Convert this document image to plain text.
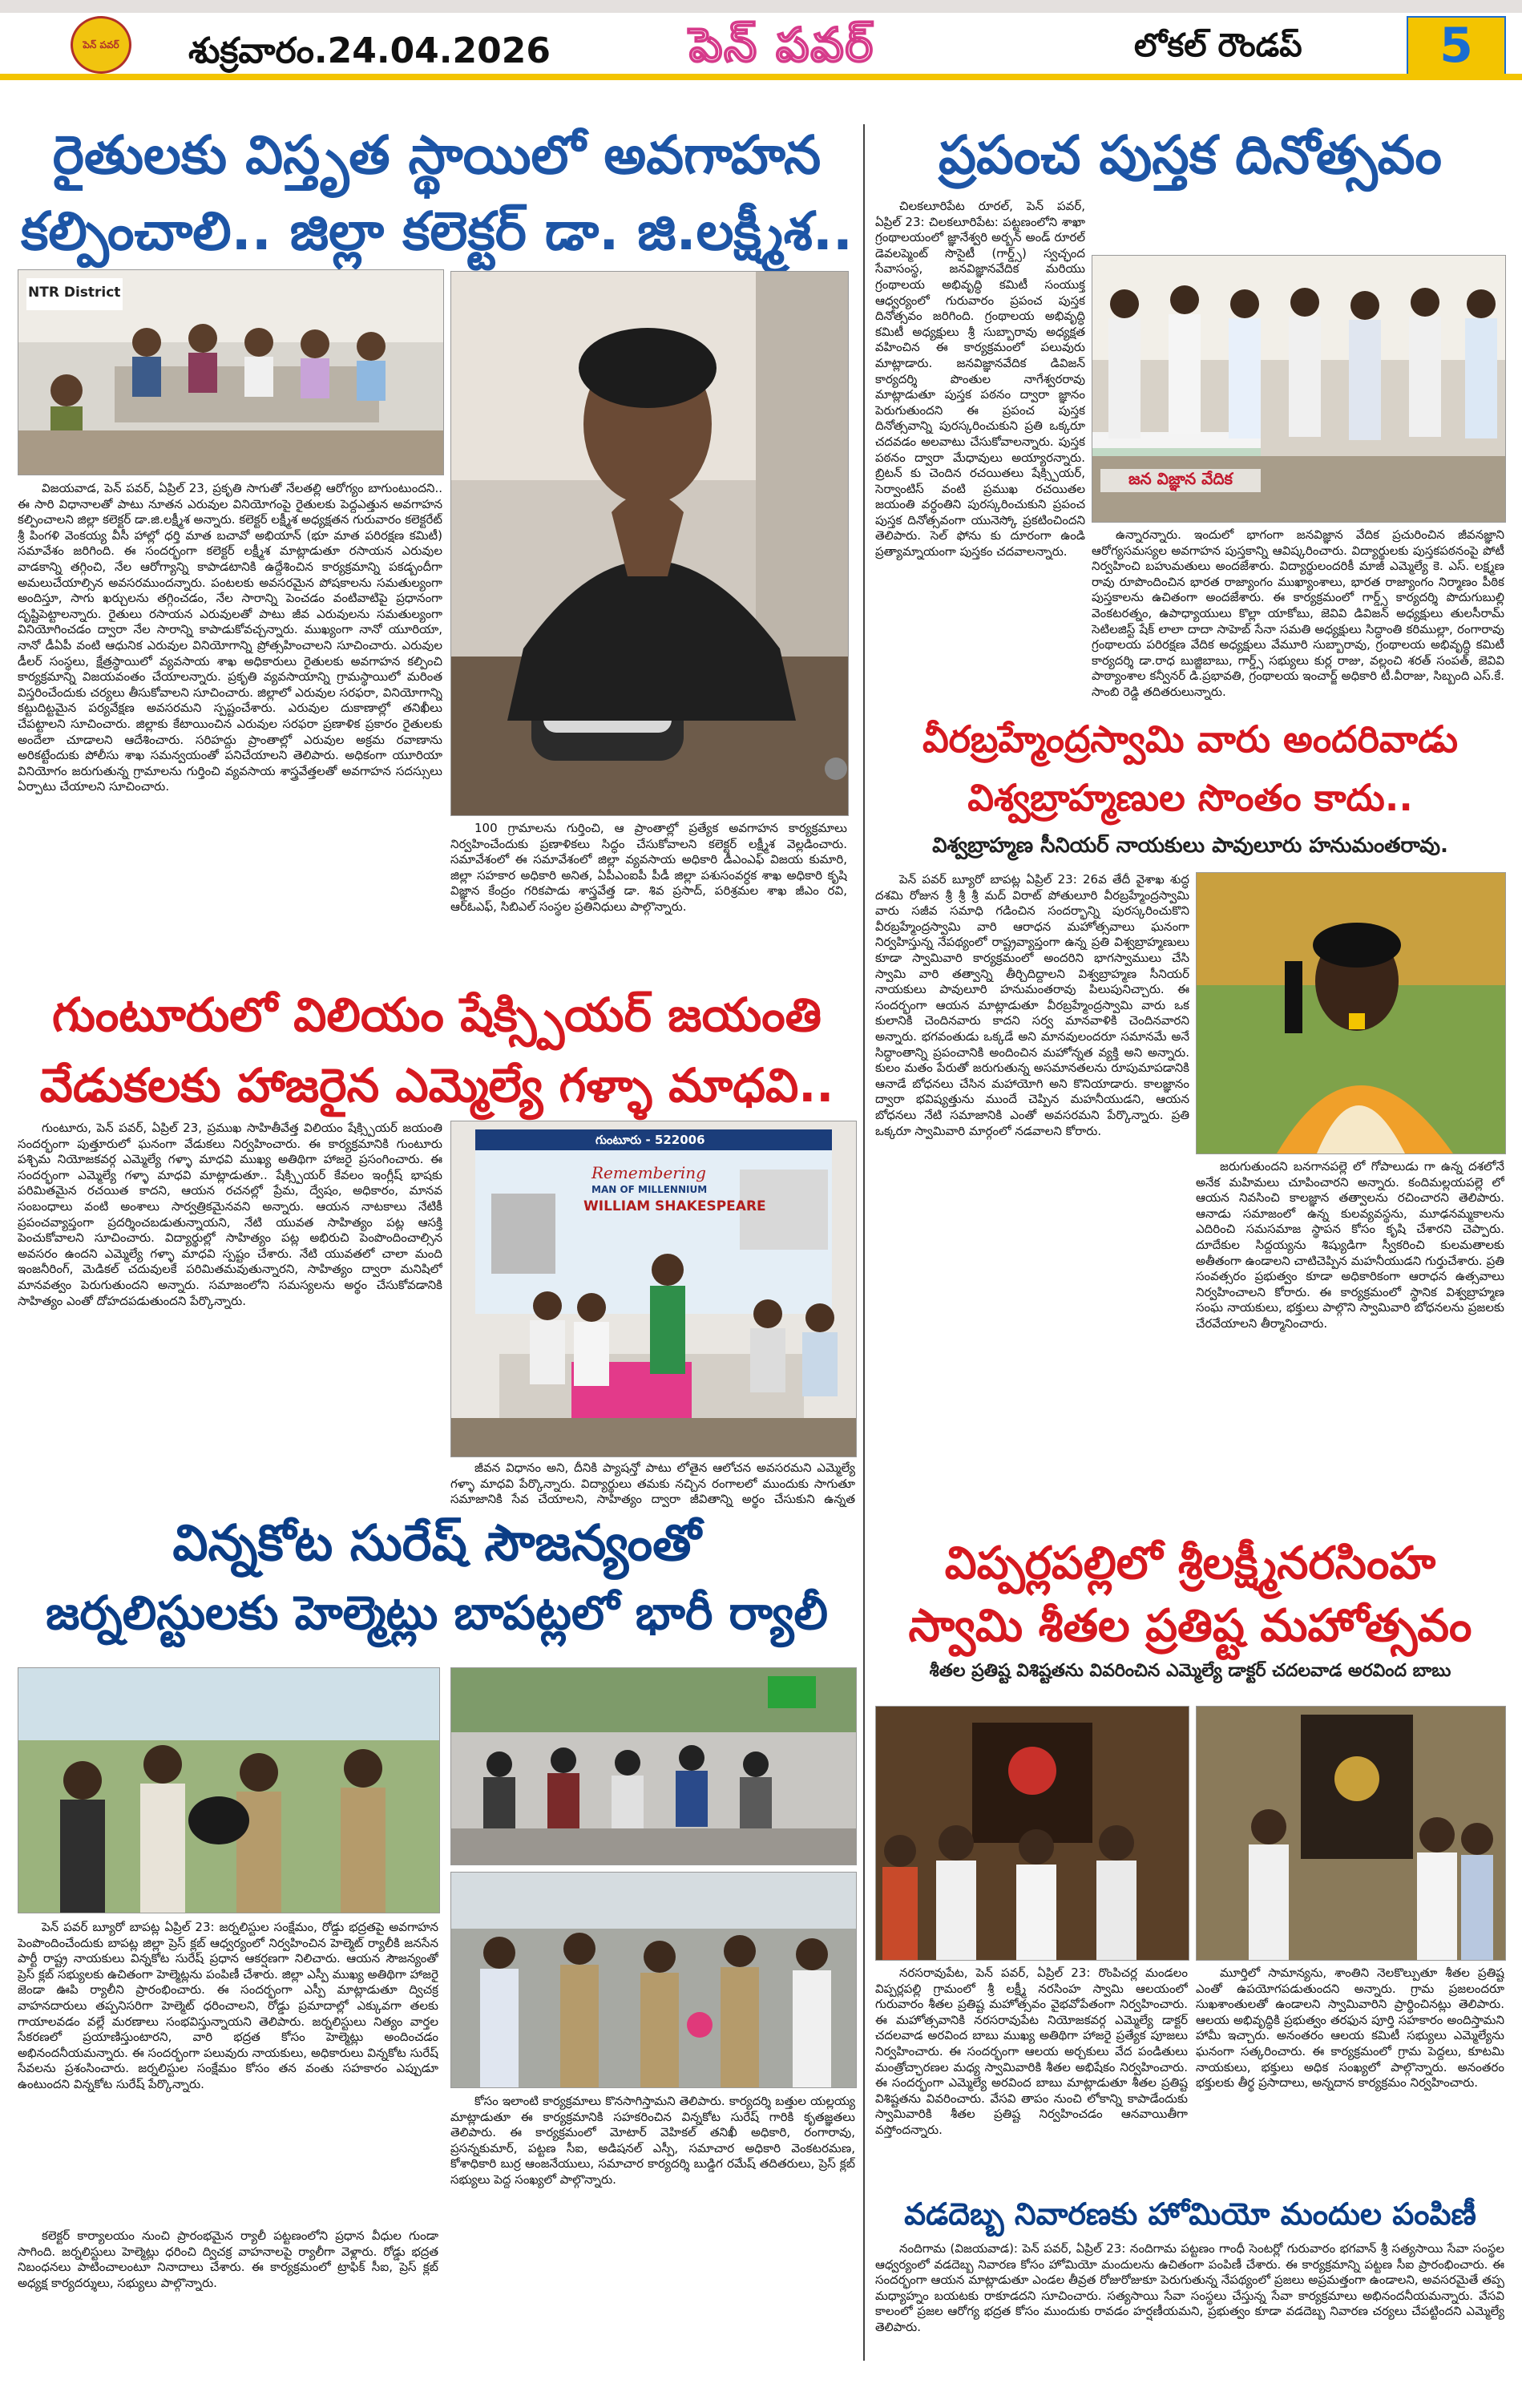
పెన్ పవర్ శుక్రవారం.24.04.2026	పెన్ పవర్	లోకల్ రౌండప్	5
రైతులకు విస్తృత స్థాయిలో అవగాహన
కల్పించాలి.. జిల్లా కలెక్టర్ డా. జి.లక్ష్మీశ..
NTR District

విజయవాడ, పెన్ పవర్, ఏప్రిల్ 23, ప్రకృతి సాగుతో నేలతల్లి ఆరోగ్యం బాగుంటుందని.. ఈ సారి విధానాలతో పాటు నూతన ఎరువుల వినియోగంపై రైతులకు పెద్దఎత్తున అవగాహన కల్పించాలని జిల్లా కలెక్టర్ డా.జి.లక్ష్మీశ అన్నారు. కలెక్టర్ లక్ష్మీశ అధ్యక్షతన గురువారం కలెక్టరేట్ శ్రీ పింగళి వెంకయ్య వీసీ హాల్లో ధర్తి మాత బచావో అభియాన్ (భూ మాత పరిరక్షణ కమిటీ) సమావేశం జరిగింది. ఈ సందర్భంగా కలెక్టర్ లక్ష్మీశ మాట్లాడుతూ రసాయన ఎరువుల వాడకాన్ని తగ్గించి, నేల ఆరోగ్యాన్ని కాపాడటానికి ఉద్దేశించిన కార్యక్రమాన్ని పకడ్బందీగా అమలుచేయాల్సిన అవసరముందన్నారు. పంటలకు అవసరమైన పోషకాలను సమతుల్యంగా అందిస్తూ, సాగు ఖర్చులను తగ్గించడం, నేల సారాన్ని పెంచడం వంటివాటిపై ప్రధానంగా దృష్టిపెట్టాలన్నారు. రైతులు రసాయన ఎరువులతో పాటు జీవ ఎరువులను సమతుల్యంగా వినియోగించడం ద్వారా నేల సారాన్ని కాపాడుకోవచ్చన్నారు. ముఖ్యంగా నానో యూరియా, నానో డీఏపీ వంటి ఆధునిక ఎరువుల వినియోగాన్ని ప్రోత్సహించాలని సూచించారు. ఎరువుల డీలర్ సంస్థలు, క్షేత్రస్థాయిలో వ్యవసాయ శాఖ అధికారులు రైతులకు అవగాహన కల్పించి కార్యక్రమాన్ని విజయవంతం చేయాలన్నారు. ప్రకృతి వ్యవసాయాన్ని గ్రామస్థాయిలో మరింత విస్తరించేందుకు చర్యలు తీసుకోవాలని సూచించారు. జిల్లాలో ఎరువుల సరఫరా, వినియోగాన్ని కట్టుదిట్టమైన పర్యవేక్షణ అవసరమని స్పష్టంచేశారు. ఎరువుల దుకాణాల్లో తనిఖీలు చేపట్టాలని సూచించారు. జిల్లాకు కేటాయించిన ఎరువుల సరఫరా ప్రణాళిక ప్రకారం రైతులకు అందేలా చూడాలని ఆదేశించారు. సరిహద్దు ప్రాంతాల్లో ఎరువుల అక్రమ రవాణాను అరికట్టేందుకు పోలీసు శాఖ సమన్వయంతో పనిచేయాలని తెలిపారు. అధికంగా యూరియా వినియోగం జరుగుతున్న గ్రామాలను గుర్తించి వ్యవసాయ శాస్త్రవేత్తలతో అవగాహన సదస్సులు ఏర్పాటు చేయాలని సూచించారు.

100 గ్రామాలను గుర్తించి, ఆ ప్రాంతాల్లో ప్రత్యేక అవగాహన కార్యక్రమాలు నిర్వహించేందుకు ప్రణాళికలు సిద్ధం చేసుకోవాలని కలెక్టర్ లక్ష్మీశ వెల్లడించారు. సమావేశంలో ఈ సమావేశంలో జిల్లా వ్యవసాయ అధికారి డీఎంఎఫ్ విజయ కుమారి, జిల్లా సహకార అధికారి అనిత, ఏపీఎంఐపీ పీడీ జిల్లా పశుసంవర్ధక శాఖ అధికారి కృషి విజ్ఞాన కేంద్రం గరికపాడు శాస్త్రవేత్త డా. శివ ప్రసాద్, పరిశ్రమల శాఖ జీఎం రవి, ఆర్ఓఎఫ్, సిబిఎల్ సంస్థల ప్రతినిధులు పాల్గొన్నారు.

గుంటూరులో విలియం షేక్స్పియర్ జయంతి
వేడుకలకు హాజరైన ఎమ్మెల్యే గళ్ళా మాధవి..

గుంటూరు, పెన్ పవర్, ఏప్రిల్ 23, ప్రముఖ సాహితీవేత్త విలియం షేక్స్పియర్ జయంతి సందర్భంగా పుత్తూరులో ఘనంగా వేడుకలు నిర్వహించారు. ఈ కార్యక్రమానికి గుంటూరు పశ్చిమ నియోజకవర్గ ఎమ్మెల్యే గళ్ళా మాధవి ముఖ్య అతిథిగా హాజరై ప్రసంగించారు. ఈ సందర్భంగా ఎమ్మెల్యే గళ్ళా మాధవి మాట్లాడుతూ.. షేక్స్పియర్ కేవలం ఇంగ్లీష్ భాషకు పరిమితమైన రచయిత కాదని, ఆయన రచనల్లో ప్రేమ, ద్వేషం, అధికారం, మానవ సంబంధాలు వంటి అంశాలు సార్వత్రికమైనవని అన్నారు. ఆయన నాటకాలు నేటికీ ప్రపంచవ్యాప్తంగా ప్రదర్శించబడుతున్నాయని, నేటి యువత సాహిత్యం పట్ల ఆసక్తి పెంచుకోవాలని సూచించారు. విద్యార్థుల్లో సాహిత్యం పట్ల అభిరుచి పెంపొందించాల్సిన అవసరం ఉందని ఎమ్మెల్యే గళ్ళా మాధవి స్పష్టం చేశారు. నేటి యువతలో చాలా మంది ఇంజనీరింగ్, మెడికల్ చదువులకే పరిమితమవుతున్నారని, సాహిత్యం ద్వారా మనిషిలో మానవత్వం పెరుగుతుందని అన్నారు. సమాజంలోని సమస్యలను అర్థం చేసుకోవడానికి సాహిత్యం ఎంతో దోహదపడుతుందని పేర్కొన్నారు.

గుంటూరు - 522006
Remembering
MAN OF MILLENNIUM
WILLIAM SHAKESPEARE

జీవన విధానం అని, దీనికి ప్యాషన్తో పాటు లోతైన ఆలోచన అవసరమని ఎమ్మెల్యే గళ్ళా మాధవి పేర్కొన్నారు. విద్యార్థులు తమకు నచ్చిన రంగాలలో ముందుకు సాగుతూ సమాజానికి సేవ చేయాలని, సాహిత్యం ద్వారా జీవితాన్ని అర్థం చేసుకుని ఉన్నత

విన్నకోట సురేష్ సౌజన్యంతో
జర్నలిస్టులకు హెల్మెట్లు బాపట్లలో భారీ ర్యాలీ

పెన్ పవర్ బ్యూరో బాపట్ల ఏప్రిల్ 23: జర్నలిస్టుల సంక్షేమం, రోడ్డు భద్రతపై అవగాహన పెంపొందించేందుకు బాపట్ల జిల్లా ప్రెస్ క్లబ్ ఆధ్వర్యంలో నిర్వహించిన హెల్మెట్ ర్యాలీకి జనసేన పార్టీ రాష్ట్ర నాయకులు విన్నకోట సురేష్ ప్రధాన ఆకర్షణగా నిలిచారు. ఆయన సౌజన్యంతో ప్రెస్ క్లబ్ సభ్యులకు ఉచితంగా హెల్మెట్లను పంపిణీ చేశారు. జిల్లా ఎస్పీ ముఖ్య అతిథిగా హాజరై జెండా ఊపి ర్యాలీని ప్రారంభించారు. ఈ సందర్భంగా ఎస్పీ మాట్లాడుతూ ద్విచక్ర వాహనదారులు తప్పనిసరిగా హెల్మెట్ ధరించాలని, రోడ్డు ప్రమాదాల్లో ఎక్కువగా తలకు గాయాలవడం వల్లే మరణాలు సంభవిస్తున్నాయని తెలిపారు. జర్నలిస్టులు నిత్యం వార్తల సేకరణలో ప్రయాణిస్తుంటారని, వారి భద్రత కోసం హెల్మెట్లు అందించడం అభినందనీయమన్నారు. ఈ సందర్భంగా పలువురు నాయకులు, అధికారులు విన్నకోట సురేష్ సేవలను ప్రశంసించారు. జర్నలిస్టుల సంక్షేమం కోసం తన వంతు సహకారం ఎప్పుడూ ఉంటుందని విన్నకోట సురేష్ పేర్కొన్నారు.

కలెక్టర్ కార్యాలయం నుంచి ప్రారంభమైన ర్యాలీ పట్టణంలోని ప్రధాన వీధుల గుండా సాగింది. జర్నలిస్టులు హెల్మెట్లు ధరించి ద్విచక్ర వాహనాలపై ర్యాలీగా వెళ్లారు. రోడ్డు భద్రత నిబంధనలు పాటించాలంటూ నినాదాలు చేశారు. ఈ కార్యక్రమంలో ట్రాఫిక్ సీఐ, ప్రెస్ క్లబ్ అధ్యక్ష కార్యదర్శులు, సభ్యులు పాల్గొన్నారు.

కోసం ఇలాంటి కార్యక్రమాలు కొనసాగిస్తామని తెలిపారు. కార్యదర్శి బత్తుల యల్లయ్య మాట్లాడుతూ ఈ కార్యక్రమానికి సహకరించిన విన్నకోట సురేష్ గారికి కృతజ్ఞతలు తెలిపారు. ఈ కార్యక్రమంలో మోటార్ వెహికల్ తనిఖీ అధికారి, రంగారావు, ప్రసన్నకుమార్, పట్టణ సీఐ, అడిషనల్ ఎస్పీ, సమాచార అధికారి వెంకటరమణ, కోశాధికారి బుర్ర ఆంజనేయులు, సమాచార కార్యదర్శి బుడ్డిగ రమేష్ తదితరులు, ప్రెస్ క్లబ్ సభ్యులు పెద్ద సంఖ్యలో పాల్గొన్నారు.

ప్రపంచ పుస్తక దినోత్సవం

చిలకలూరిపేట రూరల్, పెన్ పవర్, ఏప్రిల్ 23: చిలకలూరిపేట: పట్టణంలోని శాఖా గ్రంథాలయంలో జ్ఞానేశ్వరి అర్బన్ అండ్ రూరల్ డెవలప్మెంట్ సొసైటీ (గార్డ్స్) స్వచ్ఛంద సేవాసంస్థ, జనవిజ్ఞానవేదిక మరియు గ్రంథాలయ అభివృద్ధి కమిటీ సంయుక్త ఆధ్వర్యంలో గురువారం ప్రపంచ పుస్తక దినోత్సవం జరిగింది. గ్రంథాలయ అభివృద్ధి కమిటీ అధ్యక్షులు శ్రీ సుబ్బారావు అధ్యక్షత వహించిన ఈ కార్యక్రమంలో పలువురు మాట్లాడారు. జనవిజ్ఞానవేదిక డివిజన్ కార్యదర్శి పొంతుల నాగేశ్వరరావు మాట్లాడుతూ పుస్తక పఠనం ద్వారా జ్ఞానం పెరుగుతుందని ఈ ప్రపంచ పుస్తక దినోత్సవాన్ని పురస్కరించుకుని ప్రతి ఒక్కరూ చదవడం అలవాటు చేసుకోవాలన్నారు. పుస్తక పఠనం ద్వారా మేధావులు అయ్యారన్నారు. బ్రిటన్ కు చెందిన రచయితలు షేక్స్పియర్, సెర్వాంటిస్ వంటి ప్రముఖ రచయితల జయంతి వర్ధంతిని పురస్కరించుకుని ప్రపంచ పుస్తక దినోత్సవంగా యునెస్కో ప్రకటించిందని తెలిపారు. సెల్ ఫోను కు దూరంగా ఉండి ప్రత్యామ్నాయంగా పుస్తకం చదవాలన్నారు.

జన విజ్ఞాన వేదిక

ఉన్నారన్నారు. ఇందులో భాగంగా జనవిజ్ఞాన వేదిక ప్రచురించిన జీవనజ్ఞాని ఆరోగ్యసమస్యల అవగాహన పుస్తకాన్ని ఆవిష్కరించారు. విద్యార్థులకు పుస్తకపఠనంపై పోటీ నిర్వహించి బహుమతులు అందజేశారు. విద్యార్థులందరికీ మాజీ ఎమ్మెల్యే కె. ఎస్. లక్ష్మణ రావు రూపొందించిన భారత రాజ్యాంగం ముఖ్యాంశాలు, భారత రాజ్యాంగం నిర్మాణం పీఠిక పుస్తకాలను ఉచితంగా అందజేశారు. ఈ కార్యక్రమంలో గార్డ్స్ కార్యదర్శి పొదుగుబుల్లి వెంకటరత్నం, ఉపాధ్యాయులు కొల్లా యాకోబు, జెవివి డివిజన్ అధ్యక్షులు తులసీరామ్ సెటిలజిస్ట్ షేక్ లాలా దాదా సాహెబ్ సేనా సమతి అధ్యక్షులు సిద్ధాంతి కరిముల్లా, రంగారావు గ్రంథాలయ పరిరక్షణ వేదిక అధ్యక్షులు వేమూరి సుబ్బారావు, గ్రంథాలయ అభివృద్ధి కమిటీ కార్యదర్శి డా.రాధ బుజ్జిబాబు, గార్డ్స్ సభ్యులు కుర్ల రాజు, వల్లంచి శరత్ సంపత్, జెవివి పాఠ్యాంశాల కన్వీనర్ డి.ప్రభావతి, గ్రంథాలయ ఇంచార్జ్ అధికారి టీ.వీరాజు, సిబ్బంది ఎస్.కే. సాంబి రెడ్డి తదితరులున్నారు.

వీరబ్రహ్మేంద్రస్వామి వారు అందరివాడు
విశ్వబ్రాహ్మణుల సొంతం కాదు..
విశ్వబ్రాహ్మణ సీనియర్ నాయకులు పావులూరు హనుమంతరావు.

పెన్ పవర్ బ్యూరో బాపట్ల ఏప్రిల్ 23: 26వ తేదీ వైశాఖ శుద్ధ దశమి రోజున శ్రీ శ్రీ శ్రీ మద్ విరాట్ పోతులూరి వీరబ్రహ్మేంద్రస్వామి వారు సజీవ సమాధి గడించిన సందర్భాన్ని పురస్కరించుకొని వీరబ్రహ్మేంద్రస్వామి వారి ఆరాధన మహోత్సవాలు ఘనంగా నిర్వహిస్తున్న నేపథ్యంలో రాష్ట్రవ్యాప్తంగా ఉన్న ప్రతి విశ్వబ్రాహ్మణులు కూడా స్వామివారి కార్యక్రమంలో అందరిని భాగస్వాములు చేసి స్వామి వారి తత్వాన్ని తీర్చిదిద్దాలని విశ్వబ్రాహ్మణ సీనియర్ నాయకులు పావులూరి హనుమంతరావు పిలుపునిచ్చారు. ఈ సందర్భంగా ఆయన మాట్లాడుతూ వీరబ్రహ్మేంద్రస్వామి వారు ఒక కులానికి చెందినవారు కాదని సర్వ మానవాళికి చెందినవారని అన్నారు. భగవంతుడు ఒక్కడే అని మానవులందరూ సమానమే అనే సిద్ధాంతాన్ని ప్రపంచానికి అందించిన మహోన్నత వ్యక్తి అని అన్నారు. కులం మతం పేరుతో జరుగుతున్న అసమానతలను రూపుమాపడానికి ఆనాడే బోధనలు చేసిన మహాయోగి అని కొనియాడారు. కాలజ్ఞానం ద్వారా భవిష్యత్తును ముందే చెప్పిన మహనీయుడని, ఆయన బోధనలు నేటి సమాజానికి ఎంతో అవసరమని పేర్కొన్నారు. ప్రతి ఒక్కరూ స్వామివారి మార్గంలో నడవాలని కోరారు.

జరుగుతుందని బనగానపల్లె లో గోపాలుడు గా ఉన్న దశలోనే అనేక మహిమలు చూపించారని అన్నారు. కందిమల్లయపల్లె లో ఆయన నివసించి కాలజ్ఞాన తత్వాలను రచించారని తెలిపారు. ఆనాడు సమాజంలో ఉన్న కులవ్యవస్థను, మూఢనమ్మకాలను ఎదిరించి సమసమాజ స్థాపన కోసం కృషి చేశారని చెప్పారు. దూదేకుల సిద్దయ్యను శిష్యుడిగా స్వీకరించి కులమతాలకు అతీతంగా ఉండాలని చాటిచెప్పిన మహనీయుడని గుర్తుచేశారు. ప్రతి సంవత్సరం ప్రభుత్వం కూడా అధికారికంగా ఆరాధన ఉత్సవాలు నిర్వహించాలని కోరారు. ఈ కార్యక్రమంలో స్థానిక విశ్వబ్రాహ్మణ సంఘ నాయకులు, భక్తులు పాల్గొని స్వామివారి బోధనలను ప్రజలకు చేరవేయాలని తీర్మానించారు.

విప్పర్లపల్లిలో శ్రీలక్ష్మీనరసింహ
స్వామి శీతల ప్రతిష్ట మహోత్సవం
శీతల ప్రతిష్ట విశిష్టతను వివరించిన ఎమ్మెల్యే డాక్టర్ చదలవాడ అరవింద బాబు

నరసరావుపేట, పెన్ పవర్, ఏప్రిల్ 23: రొంపిచర్ల మండలం విప్పర్లపల్లి గ్రామంలో శ్రీ లక్ష్మీ నరసింహ స్వామి ఆలయంలో గురువారం శీతల ప్రతిష్ట మహోత్సవం వైభవోపేతంగా నిర్వహించారు. ఈ మహోత్సవానికి నరసరావుపేట నియోజకవర్గ ఎమ్మెల్యే డాక్టర్ చదలవాడ అరవింద బాబు ముఖ్య అతిథిగా హాజరై ప్రత్యేక పూజలు నిర్వహించారు. ఈ సందర్భంగా ఆలయ అర్చకులు వేద పండితులు మంత్రోచ్ఛారణల మధ్య స్వామివారికి శీతల అభిషేకం నిర్వహించారు. ఈ సందర్భంగా ఎమ్మెల్యే అరవింద బాబు మాట్లాడుతూ శీతల ప్రతిష్ట విశిష్టతను వివరించారు. వేసవి తాపం నుంచి లోకాన్ని కాపాడేందుకు స్వామివారికి శీతల ప్రతిష్ట నిర్వహించడం ఆనవాయితీగా వస్తోందన్నారు.

మూర్తిలో సామాన్యను, శాంతిని నెలకొల్పుతూ శీతల ప్రతిష్ట ఎంతో ఉపయోగపడుతుందని అన్నారు. గ్రామ ప్రజలందరూ సుఖశాంతులతో ఉండాలని స్వామివారిని ప్రార్థించినట్లు తెలిపారు. ఆలయ అభివృద్ధికి ప్రభుత్వం తరఫున పూర్తి సహకారం అందిస్తామని హామీ ఇచ్చారు. అనంతరం ఆలయ కమిటీ సభ్యులు ఎమ్మెల్యేను ఘనంగా సత్కరించారు. ఈ కార్యక్రమంలో గ్రామ పెద్దలు, కూటమి నాయకులు, భక్తులు అధిక సంఖ్యలో పాల్గొన్నారు. అనంతరం భక్తులకు తీర్థ ప్రసాదాలు, అన్నదాన కార్యక్రమం నిర్వహించారు.

వడదెబ్బ నివారణకు హోమియో మందుల పంపిణీ

నందిగామ (విజయవాడ): పెన్ పవర్, ఏప్రిల్ 23: నందిగామ పట్టణం గాంధీ సెంటర్లో గురువారం భగవాన్ శ్రీ సత్యసాయి సేవా సంస్థల ఆధ్వర్యంలో వడదెబ్బ నివారణ కోసం హోమియో మందులను ఉచితంగా పంపిణీ చేశారు. ఈ కార్యక్రమాన్ని పట్టణ సీఐ ప్రారంభించారు. ఈ సందర్భంగా ఆయన మాట్లాడుతూ ఎండల తీవ్రత రోజురోజుకూ పెరుగుతున్న నేపథ్యంలో ప్రజలు అప్రమత్తంగా ఉండాలని, అవసరమైతే తప్ప మధ్యాహ్నం బయటకు రాకూడదని సూచించారు. సత్యసాయి సేవా సంస్థలు చేస్తున్న సేవా కార్యక్రమాలు అభినందనీయమన్నారు. వేసవి కాలంలో ప్రజల ఆరోగ్య భద్రత కోసం ముందుకు రావడం హర్షణీయమని, ప్రభుత్వం కూడా వడదెబ్బ నివారణ చర్యలు చేపట్టిందని ఎమ్మెల్యే తెలిపారు.
